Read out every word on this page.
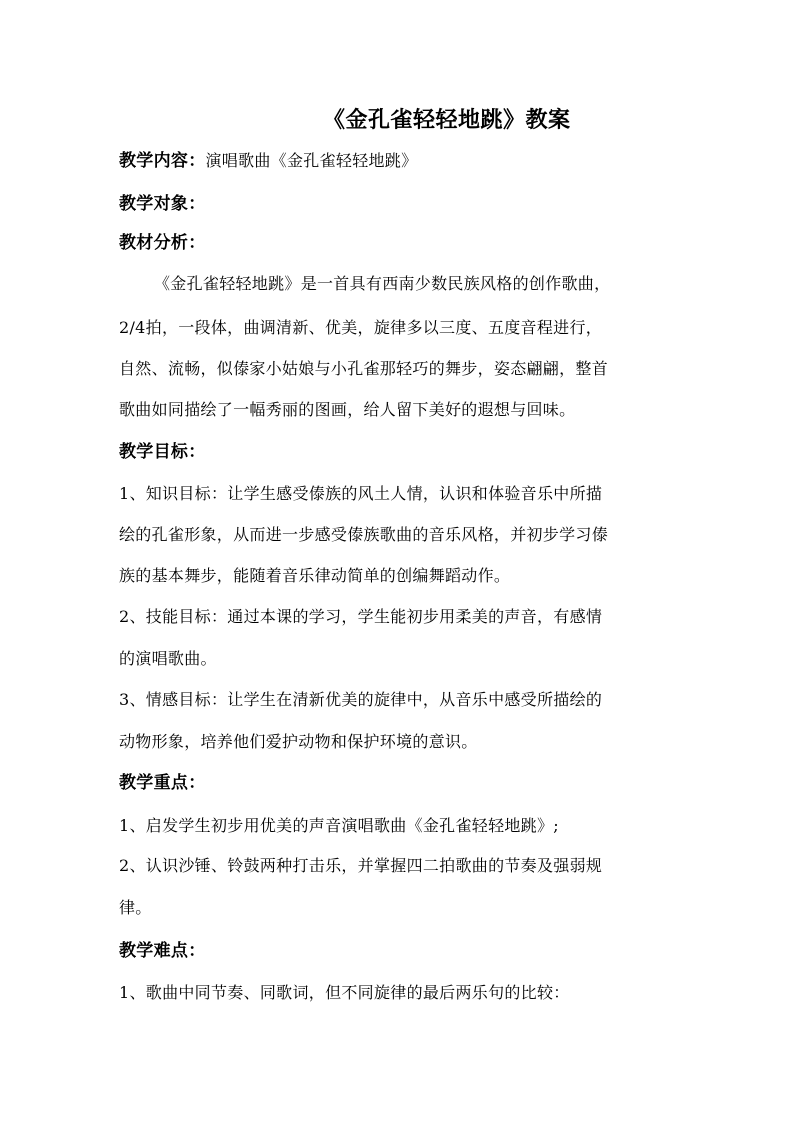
《金孔雀轻轻地跳》教案
教学内容：演唱歌曲《金孔雀轻轻地跳》
教学对象：
教材分析：
《金孔雀轻轻地跳》是一首具有西南少数民族风格的创作歌曲，
2/4拍，一段体，曲调清新、优美，旋律多以三度、五度音程进行，
自然、流畅，似傣家小姑娘与小孔雀那轻巧的舞步，姿态翩翩，整首
歌曲如同描绘了一幅秀丽的图画，给人留下美好的遐想与回味。
教学目标：
1、知识目标：让学生感受傣族的风土人情，认识和体验音乐中所描
绘的孔雀形象，从而进一步感受傣族歌曲的音乐风格，并初步学习傣
族的基本舞步，能随着音乐律动简单的创编舞蹈动作。
2、技能目标：通过本课的学习，学生能初步用柔美的声音，有感情
的演唱歌曲。
3、情感目标：让学生在清新优美的旋律中，从音乐中感受所描绘的
动物形象，培养他们爱护动物和保护环境的意识。
教学重点：
1、启发学生初步用优美的声音演唱歌曲《金孔雀轻轻地跳》;
2、认识沙锤、铃鼓两种打击乐，并掌握四二拍歌曲的节奏及强弱规
律。
教学难点：
1、歌曲中同节奏、同歌词，但不同旋律的最后两乐句的比较：
